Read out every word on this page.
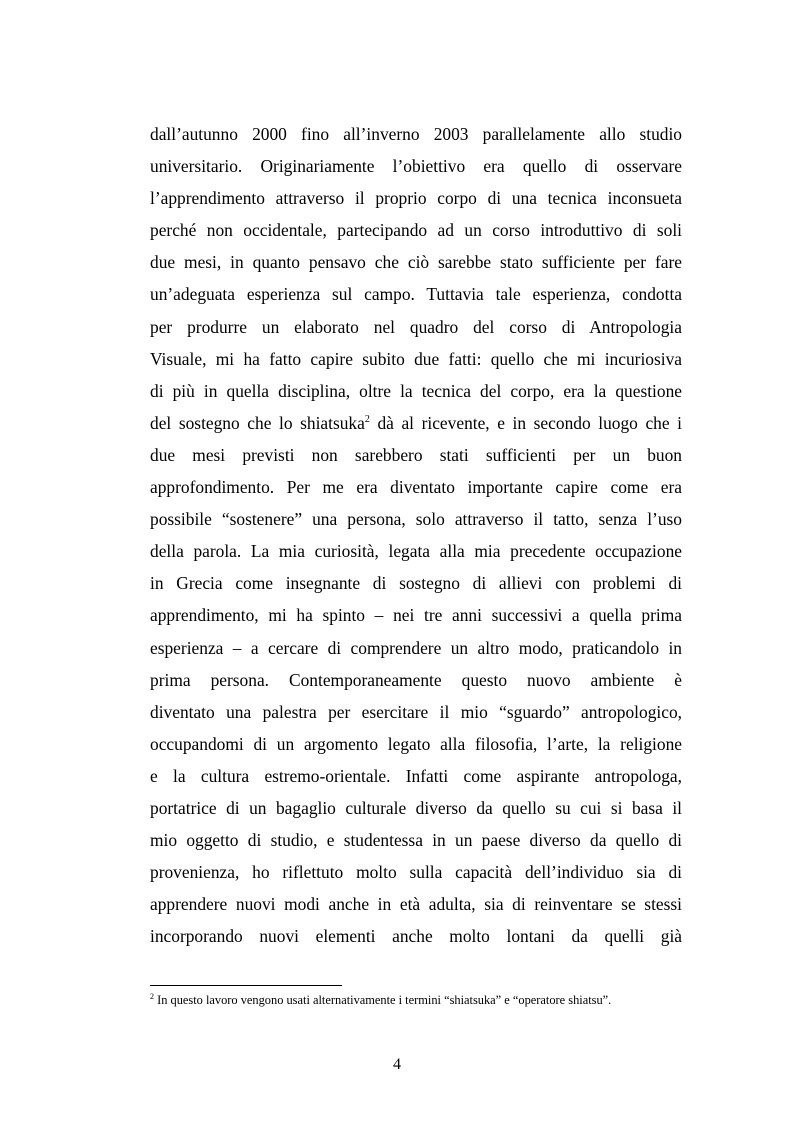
dall’autunno 2000 fino all’inverno 2003 parallelamente allo studio
universitario. Originariamente l’obiettivo era quello di osservare
l’apprendimento attraverso il proprio corpo di una tecnica inconsueta
perché non occidentale, partecipando ad un corso introduttivo di soli
due mesi, in quanto pensavo che ciò sarebbe stato sufficiente per fare
un’adeguata esperienza sul campo. Tuttavia tale esperienza, condotta
per produrre un elaborato nel quadro del corso di Antropologia
Visuale, mi ha fatto capire subito due fatti: quello che mi incuriosiva
di più in quella disciplina, oltre la tecnica del corpo, era la questione
del sostegno che lo shiatsuka$^2$ dà al ricevente, e in secondo luogo che i
due mesi previsti non sarebbero stati sufficienti per un buon
approfondimento. Per me era diventato importante capire come era
possibile “sostenere” una persona, solo attraverso il tatto, senza l’uso
della parola. La mia curiosità, legata alla mia precedente occupazione
in Grecia come insegnante di sostegno di allievi con problemi di
apprendimento, mi ha spinto – nei tre anni successivi a quella prima
esperienza – a cercare di comprendere un altro modo, praticandolo in
prima persona. Contemporaneamente questo nuovo ambiente è
diventato una palestra per esercitare il mio “sguardo” antropologico,
occupandomi di un argomento legato alla filosofia, l’arte, la religione
e la cultura estremo-orientale. Infatti come aspirante antropologa,
portatrice di un bagaglio culturale diverso da quello su cui si basa il
mio oggetto di studio, e studentessa in un paese diverso da quello di
provenienza, ho riflettuto molto sulla capacità dell’individuo sia di
apprendere nuovi modi anche in età adulta, sia di reinventare se stessi
incorporando nuovi elementi anche molto lontani da quelli già
$^2$ In questo lavoro vengono usati alternativamente i termini “shiatsuka” e “operatore shiatsu”.
4
